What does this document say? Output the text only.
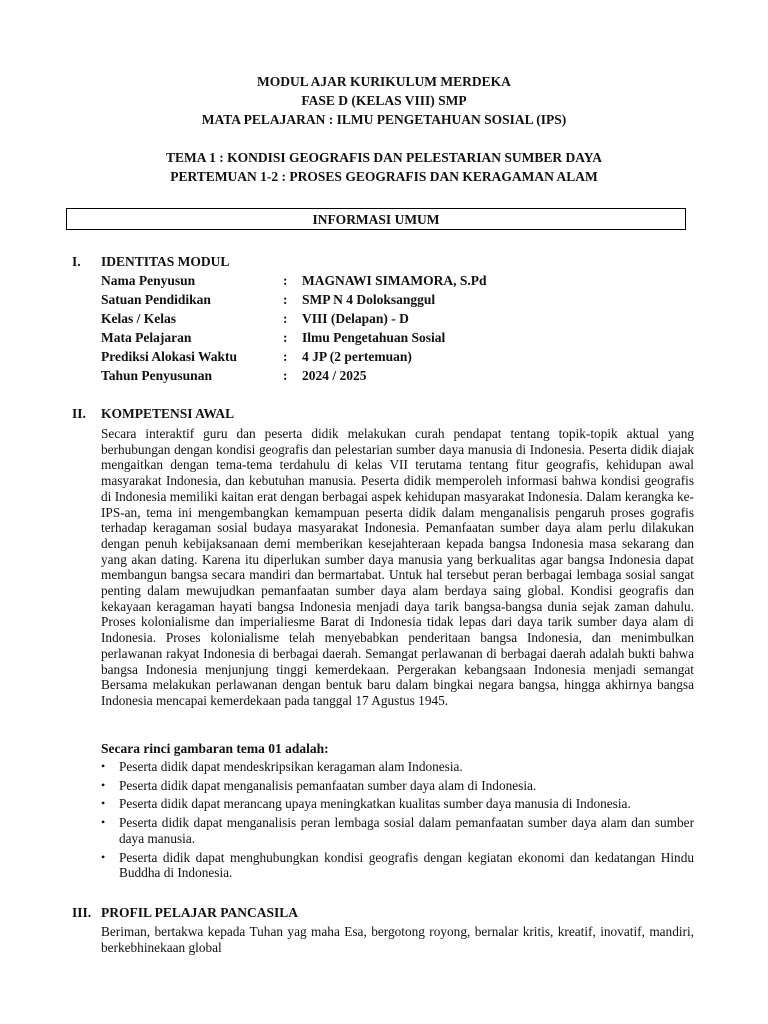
MODUL AJAR KURIKULUM MERDEKA
FASE D (KELAS VIII) SMP
MATA PELAJARAN : ILMU PENGETAHUAN SOSIAL (IPS)
TEMA 1 : KONDISI GEOGRAFIS DAN PELESTARIAN SUMBER DAYA
PERTEMUAN 1-2 : PROSES GEOGRAFIS DAN KERAGAMAN ALAM
INFORMASI UMUM
I. IDENTITAS MODUL
Nama Penyusun	: MAGNAWI SIMAMORA, S.Pd
Satuan Pendidikan	: SMP N 4 Doloksanggul
Kelas / Kelas	: VIII (Delapan) - D
Mata Pelajaran	: Ilmu Pengetahuan Sosial
Prediksi Alokasi Waktu	: 4 JP (2 pertemuan)
Tahun Penyusunan	: 2024 / 2025
II. KOMPETENSI AWAL
Secara interaktif guru dan peserta didik melakukan curah pendapat tentang topik-topik aktual yang berhubungan dengan kondisi geografis dan pelestarian sumber daya manusia di Indonesia. Peserta didik diajak mengaitkan dengan tema-tema terdahulu di kelas VII terutama tentang fitur geografis, kehidupan awal masyarakat Indonesia, dan kebutuhan manusia. Peserta didik memperoleh informasi bahwa kondisi geografis di Indonesia memiliki kaitan erat dengan berbagai aspek kehidupan masyarakat Indonesia. Dalam kerangka ke-IPS-an, tema ini mengembangkan kemampuan peserta didik dalam menganalisis pengaruh proses gografis terhadap keragaman sosial budaya masyarakat Indonesia. Pemanfaatan sumber daya alam perlu dilakukan dengan penuh kebijaksanaan demi memberikan kesejahteraan kepada bangsa Indonesia masa sekarang dan yang akan dating. Karena itu diperlukan sumber daya manusia yang berkualitas agar bangsa Indonesia dapat membangun bangsa secara mandiri dan bermartabat. Untuk hal tersebut peran berbagai lembaga sosial sangat penting dalam mewujudkan pemanfaatan sumber daya alam berdaya saing global. Kondisi geografis dan kekayaan keragaman hayati bangsa Indonesia menjadi daya tarik bangsa-bangsa dunia sejak zaman dahulu. Proses kolonialisme dan imperialiesme Barat di Indonesia tidak lepas dari daya tarik sumber daya alam di Indonesia. Proses kolonialisme telah menyebabkan penderitaan bangsa Indonesia, dan menimbulkan perlawanan rakyat Indonesia di berbagai daerah. Semangat perlawanan di berbagai daerah adalah bukti bahwa bangsa Indonesia menjunjung tinggi kemerdekaan. Pergerakan kebangsaan Indonesia menjadi semangat Bersama melakukan perlawanan dengan bentuk baru dalam bingkai negara bangsa, hingga akhirnya bangsa Indonesia mencapai kemerdekaan pada tanggal 17 Agustus 1945.
Secara rinci gambaran tema 01 adalah:
• Peserta didik dapat mendeskripsikan keragaman alam Indonesia.
• Peserta didik dapat menganalisis pemanfaatan sumber daya alam di Indonesia.
• Peserta didik dapat merancang upaya meningkatkan kualitas sumber daya manusia di Indonesia.
• Peserta didik dapat menganalisis peran lembaga sosial dalam pemanfaatan sumber daya alam dan sumber daya manusia.
• Peserta didik dapat menghubungkan kondisi geografis dengan kegiatan ekonomi dan kedatangan Hindu Buddha di Indonesia.
III. PROFIL PELAJAR PANCASILA
Beriman, bertakwa kepada Tuhan yag maha Esa, bergotong royong, bernalar kritis, kreatif, inovatif, mandiri, berkebhinekaan global
